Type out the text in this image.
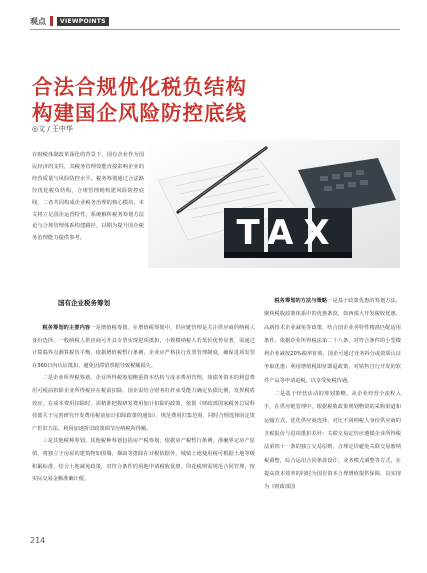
观点	VIEWPOINTS
合法合规优化税负结构
构建国企风险防控底线
◎文 / 王中华
在财税体制改革深化的背景下，国有企业作为国民经济的支柱，其税务管理效能直接影响企业的经营质量与风险防控水平。税务筹划通过合法路径优化税负结构，合规管理则构建风险防控底线，二者共同构成企业税务治理的核心模块。本文将立足国企运营特性，系统解析税务筹划方法论与合规管理体系构建路径，以期为提升国企税务治理能力提供参考。	TAX
国有企业税务筹划

税务筹划的主要内容一是增值税筹划。在增值税筹划中，供应链管理是关注供应商的纳税人身份选择，一般纳税人供应商可开具专票实现进项抵扣，小规模纳税人若低价优势显著，需通过计算临界点测算税负平衡。依据增值税暂行条例，企业应严格执行发票管理制度，确保进项发票在360日内认证抵扣，避免因滞留票据导致税额损失。

二是企业所得税筹划。企业所得税筹划侧重资本结构与成本费用管理，如债务资本的利息费用可税前扣除企业所得税应在税前扣除，国企需结合财务杠杆承受能力确定负债比例，发挥税盾效应。在成本费用扣除时，需精准把握研发费用加计扣除的政策，依据《财政部国家税务总局科技部关于完善研究开发费用税前加计扣除政策的通知》，规范费用归集范围，同时合理选择固定资产折旧方法，利用加速折旧政策调节应纳税所得额。

三是其他税种筹划。其他税种筹划包括房产税筹划，依据房产税暂行条例，准确界定房产原值，将独立于房屋的建筑物如围墙、烟囱等排除在计税依据外。城镇土地使用税可根据土地等级积累标准，结合土地减免政策，对符合条件的用地申请税收优惠。印花税则需规范合同管理，按实际交易金额准确计税。

税务筹划的方法与策略一是基于政策优惠的筹划方法。聚焦税收政策体系中的优惠条款，如西部大开发税收优惠、高新技术企业减免等政策，结合国企业务特性精准匹配适用条件。依据企业所得税法第二十八条，对符合条件的小型微利企业减按20%税率征收，国企可通过业务拆分或资质认证争取优惠；利用增值税即征即退政策，对销售自行开发的软件产品等申请退税，以享受免税待遇。

二是基于经营活动的筹划策略。从企业经营全流程入手，在供应链管理中，根据税收政策规划物资的采购渠道和运输方式，优化供应商选择，对比不同纳税人身份供应商的含税报价与进项抵扣差异；关联交易定价应遵循企业所得税法第四十一条的独立交易原则，合理定价避免关联交易被纳税调整，综合运用合同条款设计、业务模式调整等方式，在提高资本效率的同时为国有资本合理增值提供保障，以实现为《财政部国

214
